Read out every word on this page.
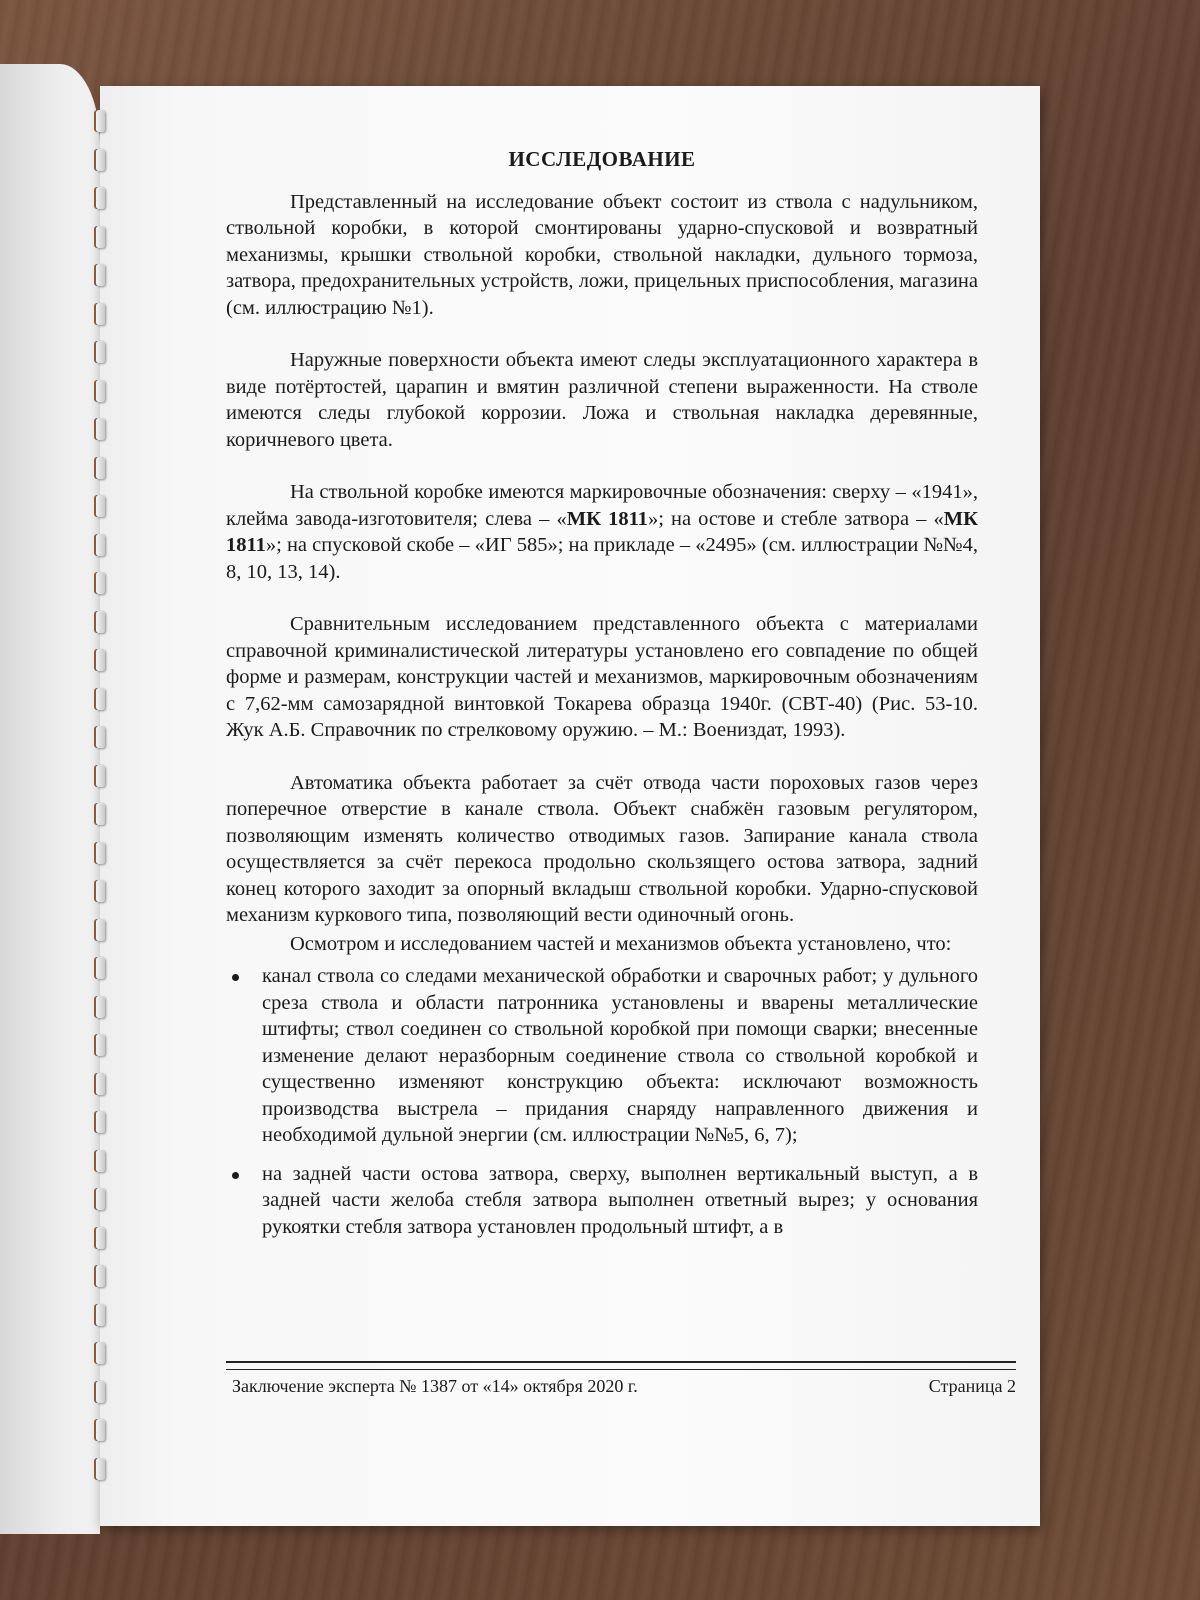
ИССЛЕДОВАНИЕ

Представленный на исследование объект состоит из ствола с надульником, ствольной коробки, в которой смонтированы ударно-спусковой и возвратный механизмы, крышки ствольной коробки, ствольной накладки, дульного тормоза, затвора, предохранительных устройств, ложи, прицельных приспособления, магазина (см. иллюстрацию №1).

Наружные поверхности объекта имеют следы эксплуатационного характера в виде потёртостей, царапин и вмятин различной степени выраженности. На стволе имеются следы глубокой коррозии. Ложа и ствольная накладка деревянные, коричневого цвета.

На ствольной коробке имеются маркировочные обозначения: сверху – «1941», клейма завода-изготовителя; слева – «МК 1811»; на остове и стебле затвора – «МК 1811»; на спусковой скобе – «ИГ 585»; на прикладе – «2495» (см. иллюстрации №№4, 8, 10, 13, 14).

Сравнительным исследованием представленного объекта с материалами справочной криминалистической литературы установлено его совпадение по общей форме и размерам, конструкции частей и механизмов, маркировочным обозначениям с 7,62-мм самозарядной винтовкой Токарева образца 1940г. (СВТ-40) (Рис. 53-10. Жук А.Б. Справочник по стрелковому оружию. – М.: Воениздат, 1993).

Автоматика объекта работает за счёт отвода части пороховых газов через поперечное отверстие в канале ствола. Объект снабжён газовым регулятором, позволяющим изменять количество отводимых газов. Запирание канала ствола осуществляется за счёт перекоса продольно скользящего остова затвора, задний конец которого заходит за опорный вкладыш ствольной коробки. Ударно-спусковой механизм куркового типа, позволяющий вести одиночный огонь.

Осмотром и исследованием частей и механизмов объекта установлено, что:

канал ствола со следами механической обработки и сварочных работ; у дульного среза ствола и области патронника установлены и вварены металлические штифты; ствол соединен со ствольной коробкой при помощи сварки; внесенные изменение делают неразборным соединение ствола со ствольной коробкой и существенно изменяют конструкцию объекта: исключают возможность производства выстрела – придания снаряду направленного движения и необходимой дульной энергии (см. иллюстрации №№5, 6, 7);
на задней части остова затвора, сверху, выполнен вертикальный выступ, а в задней части желоба стебля затвора выполнен ответный вырез; у основания рукоятки стебля затвора установлен продольный штифт, а в
Заключение эксперта № 1387 от «14» октября 2020 г.	Страница 2
